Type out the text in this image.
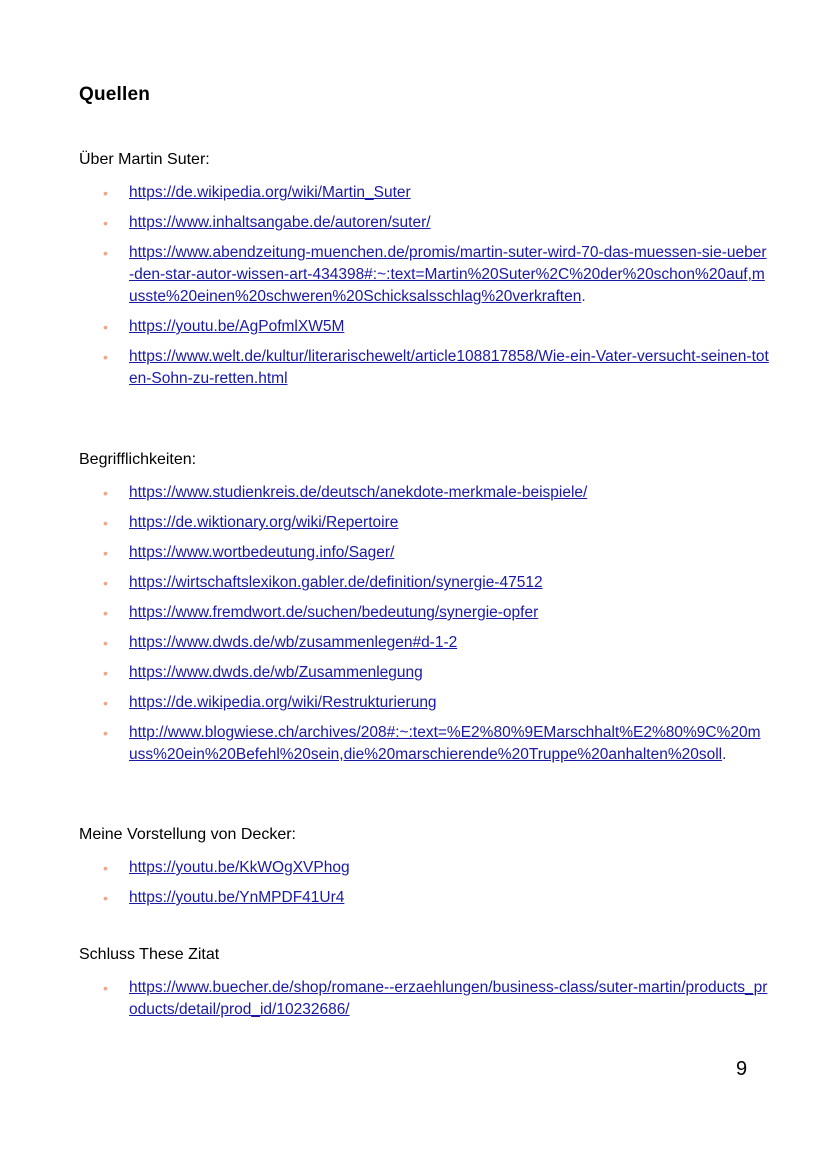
Quellen
Über Martin Suter:
• https://de.wikipedia.org/wiki/Martin_Suter
• https://www.inhaltsangabe.de/autoren/suter/
• https://www.abendzeitung-muenchen.de/promis/martin-suter-wird-70-das-muessen-sie-ueber-den-star-autor-wissen-art-434398#:~:text=Martin%20Suter%2C%20der%20schon%20auf,musste%20einen%20schweren%20Schicksalsschlag%20verkraften.
• https://youtu.be/AgPofmlXW5M
• https://www.welt.de/kultur/literarischewelt/article108817858/Wie-ein-Vater-versucht-seinen-toten-Sohn-zu-retten.html
Begrifflichkeiten:
• https://www.studienkreis.de/deutsch/anekdote-merkmale-beispiele/
• https://de.wiktionary.org/wiki/Repertoire
• https://www.wortbedeutung.info/Sager/
• https://wirtschaftslexikon.gabler.de/definition/synergie-47512
• https://www.fremdwort.de/suchen/bedeutung/synergie-opfer
• https://www.dwds.de/wb/zusammenlegen#d-1-2
• https://www.dwds.de/wb/Zusammenlegung
• https://de.wikipedia.org/wiki/Restrukturierung
• http://www.blogwiese.ch/archives/208#:~:text=%E2%80%9EMarschhalt%E2%80%9C%20muss%20ein%20Befehl%20sein,die%20marschierende%20Truppe%20anhalten%20soll.
Meine Vorstellung von Decker:
• https://youtu.be/KkWOgXVPhog
• https://youtu.be/YnMPDF41Ur4
Schluss These Zitat
• https://www.buecher.de/shop/romane--erzaehlungen/business-class/suter-martin/products_products/detail/prod_id/10232686/
9
